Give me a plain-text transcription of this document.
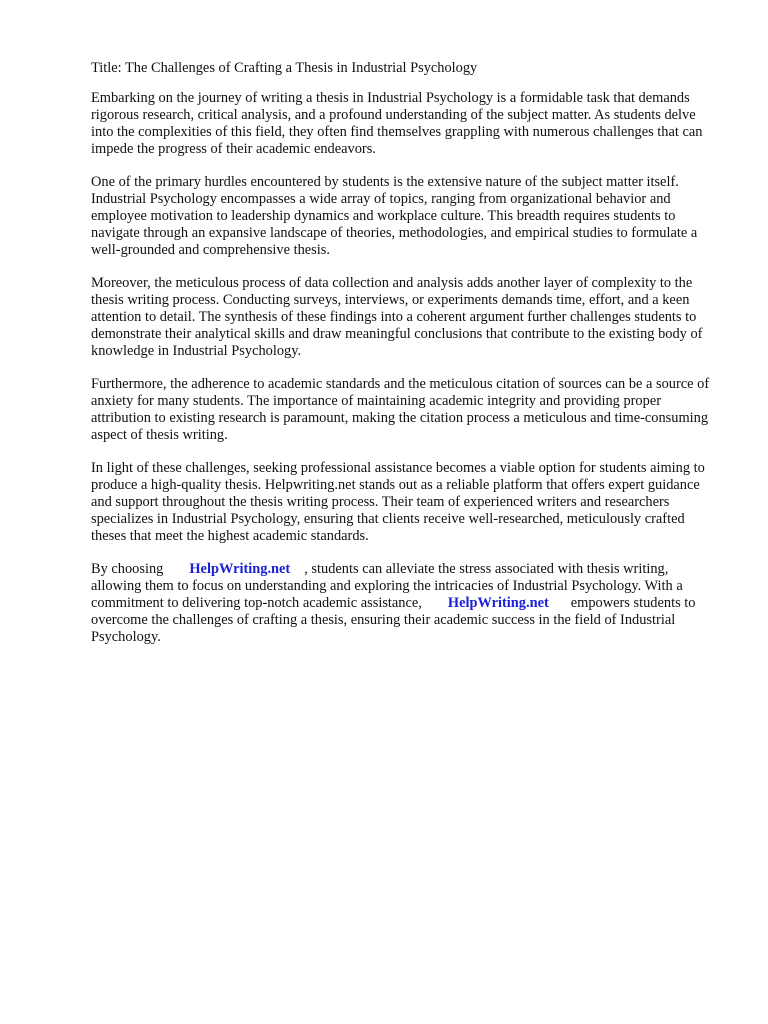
Title: The Challenges of Crafting a Thesis in Industrial Psychology

Embarking on the journey of writing a thesis in Industrial Psychology is a formidable task that demands rigorous research, critical analysis, and a profound understanding of the subject matter. As students delve into the complexities of this field, they often find themselves grappling with numerous challenges that can impede the progress of their academic endeavors.

One of the primary hurdles encountered by students is the extensive nature of the subject matter itself. Industrial Psychology encompasses a wide array of topics, ranging from organizational behavior and employee motivation to leadership dynamics and workplace culture. This breadth requires students to navigate through an expansive landscape of theories, methodologies, and empirical studies to formulate a well-grounded and comprehensive thesis.

Moreover, the meticulous process of data collection and analysis adds another layer of complexity to the thesis writing process. Conducting surveys, interviews, or experiments demands time, effort, and a keen attention to detail. The synthesis of these findings into a coherent argument further challenges students to demonstrate their analytical skills and draw meaningful conclusions that contribute to the existing body of knowledge in Industrial Psychology.

Furthermore, the adherence to academic standards and the meticulous citation of sources can be a source of anxiety for many students. The importance of maintaining academic integrity and providing proper attribution to existing research is paramount, making the citation process a meticulous and time-consuming aspect of thesis writing.

In light of these challenges, seeking professional assistance becomes a viable option for students aiming to produce a high-quality thesis. Helpwriting.net stands out as a reliable platform that offers expert guidance and support throughout the thesis writing process. Their team of experienced writers and researchers specializes in Industrial Psychology, ensuring that clients receive well-researched, meticulously crafted theses that meet the highest academic standards.

By choosing HelpWriting.net , students can alleviate the stress associated with thesis writing, allowing them to focus on understanding and exploring the intricacies of Industrial Psychology. With a commitment to delivering top-notch academic assistance, HelpWriting.net empowers students to overcome the challenges of crafting a thesis, ensuring their academic success in the field of Industrial Psychology.
